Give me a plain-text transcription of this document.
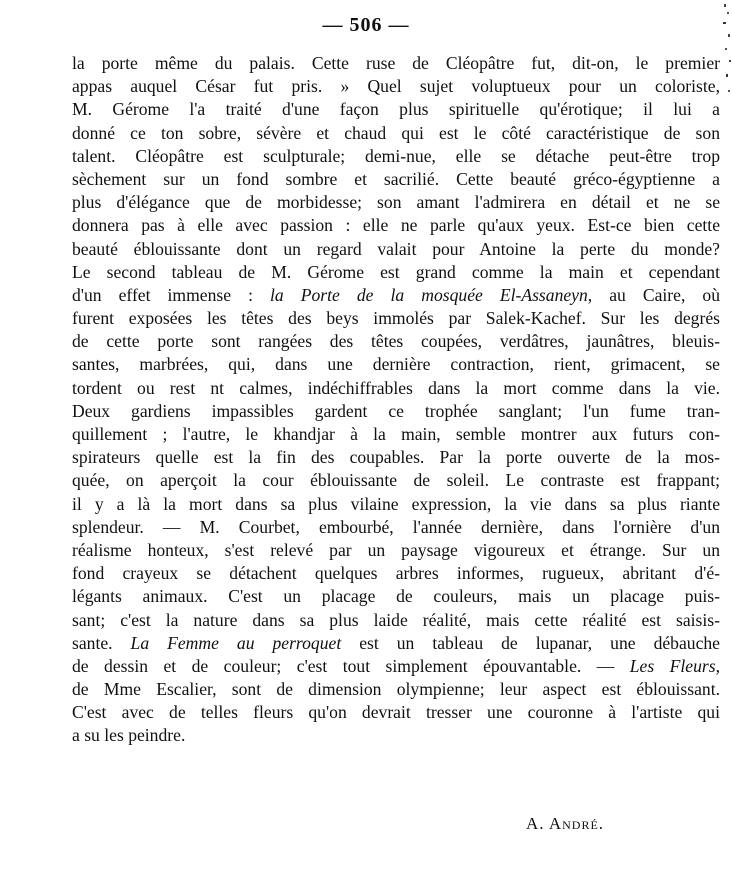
— 506 —
la porte même du palais. Cette ruse de Cléopâtre fut, dit-on, le premier
appas auquel César fut pris. » Quel sujet voluptueux pour un coloriste,
M. Gérome l'a traité d'une façon plus spirituelle qu'érotique; il lui a
donné ce ton sobre, sévère et chaud qui est le côté caractéristique de son
talent. Cléopâtre est sculpturale; demi-nue, elle se détache peut-être trop
sèchement sur un fond sombre et sacrilié. Cette beauté gréco-égyptienne a
plus d'élégance que de morbidesse; son amant l'admirera en détail et ne se
donnera pas à elle avec passion : elle ne parle qu'aux yeux. Est-ce bien cette
beauté éblouissante dont un regard valait pour Antoine la perte du monde?
Le second tableau de M. Gérome est grand comme la main et cependant
d'un effet immense : la Porte de la mosquée El-Assaneyn, au Caire, où
furent exposées les têtes des beys immolés par Salek-Kachef. Sur les degrés
de cette porte sont rangées des têtes coupées, verdâtres, jaunâtres, bleuis-
santes, marbrées, qui, dans une dernière contraction, rient, grimacent, se
tordent ou rest nt calmes, indéchiffrables dans la mort comme dans la vie.
Deux gardiens impassibles gardent ce trophée sanglant; l'un fume tran-
quillement ; l'autre, le khandjar à la main, semble montrer aux futurs con-
spirateurs quelle est la fin des coupables. Par la porte ouverte de la mos-
quée, on aperçoit la cour éblouissante de soleil. Le contraste est frappant;
il y a là la mort dans sa plus vilaine expression, la vie dans sa plus riante
splendeur. — M. Courbet, embourbé, l'année dernière, dans l'ornière d'un
réalisme honteux, s'est relevé par un paysage vigoureux et étrange. Sur un
fond crayeux se détachent quelques arbres informes, rugueux, abritant d'é-
légants animaux. C'est un placage de couleurs, mais un placage puis-
sant; c'est la nature dans sa plus laide réalité, mais cette réalité est saisis-
sante. La Femme au perroquet est un tableau de lupanar, une débauche
de dessin et de couleur; c'est tout simplement épouvantable. — Les Fleurs,
de Mme Escalier, sont de dimension olympienne; leur aspect est éblouissant.
C'est avec de telles fleurs qu'on devrait tresser une couronne à l'artiste qui
a su les peindre.
A. André.
